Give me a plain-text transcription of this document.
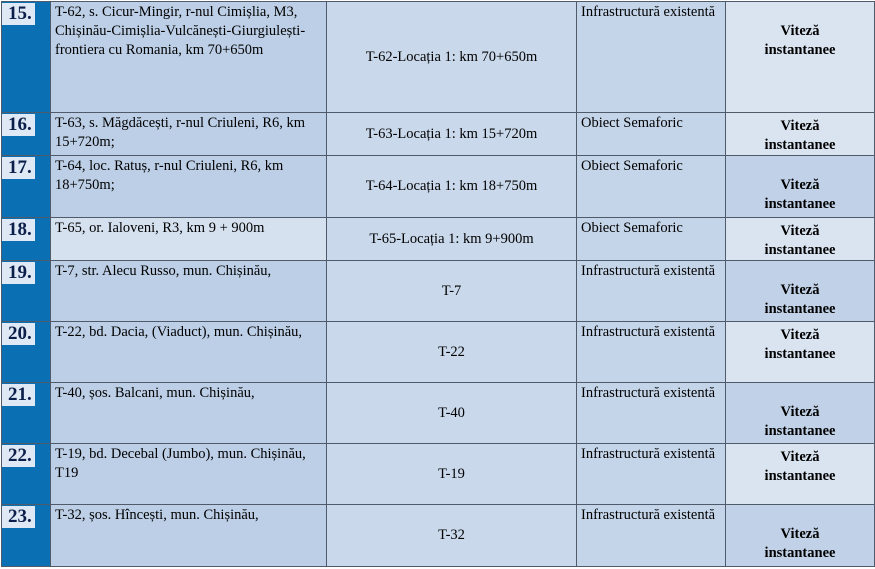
15.	T-62, s. Cicur-Mingir, r-nul Cimișlia, M3, Chișinău-Cimișlia-Vulcănești-Giurgiulești-frontiera cu Romania, km 70+650m	T-62-Locația 1: km 70+650m	Infrastructură existentă	Viteză
instantanee

16.	T-63, s. Măgdăcești, r-nul Criuleni, R6, km 15+720m;	T-63-Locația 1: km 15+720m	Obiect Semaforic	Viteză
instantanee

17.	T-64, loc. Ratuș, r-nul Criuleni, R6, km 18+750m;	T-64-Locația 1: km 18+750m	Obiect Semaforic	Viteză
instantanee

18.	T-65, or. Ialoveni, R3, km 9 + 900m	T-65-Locația 1: km 9+900m	Obiect Semaforic	Viteză
instantanee

19.	T-7, str. Alecu Russo, mun. Chișinău,	T-7	Infrastructură existentă	Viteză
instantanee

20.	T-22, bd. Dacia, (Viaduct), mun. Chișinău,	T-22	Infrastructură existentă	Viteză
instantanee

21.	T-40, șos. Balcani, mun. Chișinău,	T-40	Infrastructură existentă	Viteză
instantanee

22.	T-19, bd. Decebal (Jumbo), mun. Chișinău, T19	T-19	Infrastructură existentă	Viteză
instantanee

23.	T-32, șos. Hîncești, mun. Chișinău,	T-32	Infrastructură existentă	Viteză
instantanee
